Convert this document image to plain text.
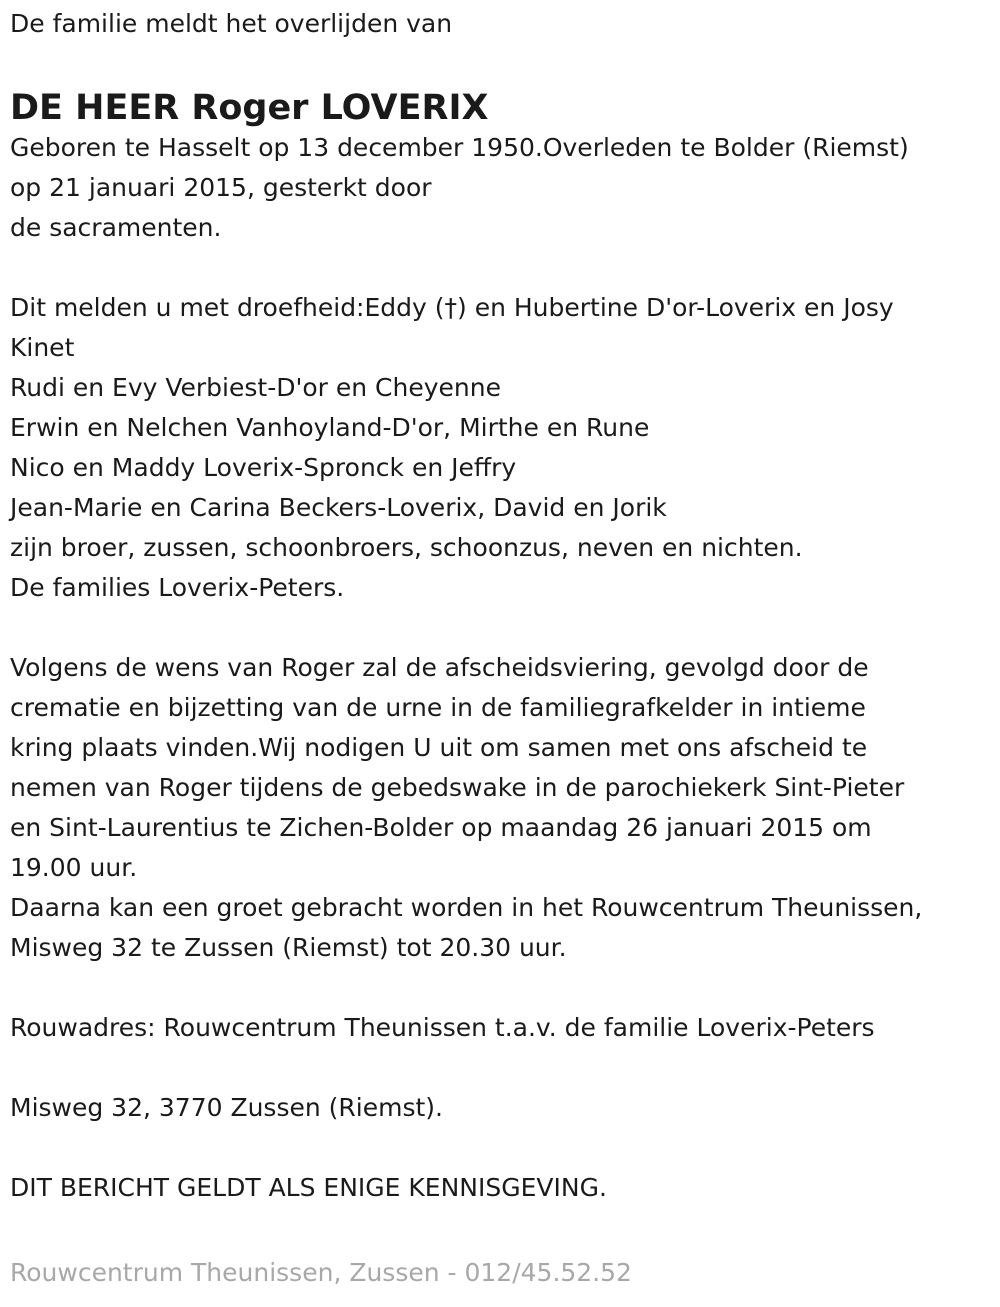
De familie meldt het overlijden van

DE HEER Roger LOVERIX
Geboren te Hasselt op 13 december 1950.Overleden te Bolder (Riemst)
op 21 januari 2015, gesterkt door
de sacramenten.
Dit melden u met droefheid:Eddy (†) en Hubertine D'or-Loverix en Josy
Kinet
Rudi en Evy Verbiest-D'or en Cheyenne
Erwin en Nelchen Vanhoyland-D'or, Mirthe en Rune
Nico en Maddy Loverix-Spronck en Jeffry
Jean-Marie en Carina Beckers-Loverix, David en Jorik
zijn broer, zussen, schoonbroers, schoonzus, neven en nichten.
De families Loverix-Peters.
Volgens de wens van Roger zal de afscheidsviering, gevolgd door de
crematie en bijzetting van de urne in de familiegrafkelder in intieme
kring plaats vinden.Wij nodigen U uit om samen met ons afscheid te
nemen van Roger tijdens de gebedswake in de parochiekerk Sint-Pieter
en Sint-Laurentius te Zichen-Bolder op maandag 26 januari 2015 om
19.00 uur.
Daarna kan een groet gebracht worden in het Rouwcentrum Theunissen,
Misweg 32 te Zussen (Riemst) tot 20.30 uur.
Rouwadres: Rouwcentrum Theunissen t.a.v. de familie Loverix-Peters
Misweg 32, 3770 Zussen (Riemst).
DIT BERICHT GELDT ALS ENIGE KENNISGEVING.
Rouwcentrum Theunissen, Zussen - 012/45.52.52
